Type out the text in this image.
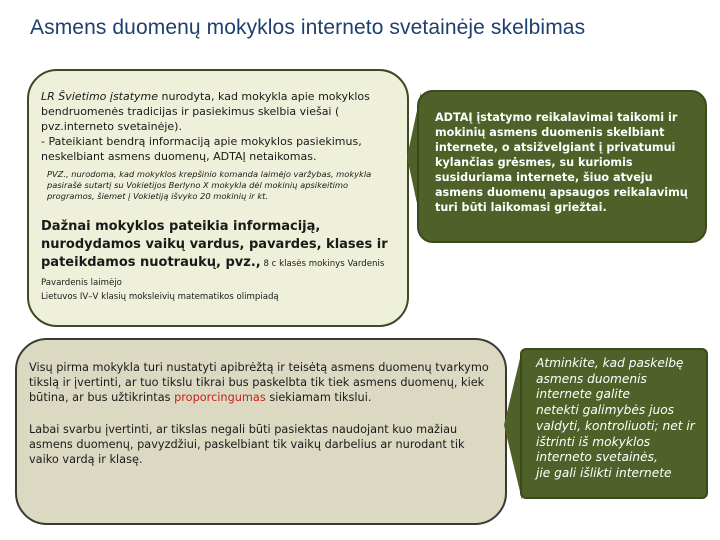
Asmens duomenų mokyklos interneto svetainėje skelbimas
LR Švietimo įstatyme nurodyta, kad mokykla apie mokyklos bendruomenės tradicijas ir pasiekimus skelbia viešai ( pvz.interneto svetainėje).
- Pateikiant bendrą informaciją apie mokyklos pasiekimus, neskelbiant asmens duomenų, ADTAĮ netaikomas.
PVZ., nurodoma, kad mokyklos krepšinio komanda laimėjo varžybas, mokykla pasirašė sutartį su Vokietijos Berlyno X mokykla dėl mokinių apsikeitimo programos, šiemet į Vokietiją išvyko 20 mokinių ir kt.
Dažnai mokyklos pateikia informaciją, nurodydamos vaikų vardus, pavardes, klases ir pateikdamos nuotraukų, pvz., 8 c klasės mokinys Vardenis Pavardenis laimėjo
Lietuvos IV–V klasių moksleivių matematikos olimpiadą
ADTAĮ įstatymo reikalavimai taikomi ir mokinių asmens duomenis skelbiant internete, o atsižvelgiant į privatumui kylančias grėsmes, su kuriomis susiduriama internete, šiuo atveju asmens duomenų apsaugos reikalavimų turi būti laikomasi griežtai.

Visų pirma mokykla turi nustatyti apibrėžtą ir teisėtą asmens duomenų tvarkymo tikslą ir įvertinti, ar tuo tikslu tikrai bus paskelbta tik tiek asmens duomenų, kiek būtina, ar bus užtikrintas proporcingumas siekiamam tikslui.

Labai svarbu įvertinti, ar tikslas negali būti pasiektas naudojant kuo mažiau asmens duomenų, pavyzdžiui, paskelbiant tik vaikų darbelius ar nurodant tik vaiko vardą ir klasę.

Atminkite, kad paskelbę asmens duomenis internete galite
netekti galimybės juos valdyti, kontroliuoti; net ir ištrinti iš mokyklos interneto svetainės,
jie gali išlikti internete
